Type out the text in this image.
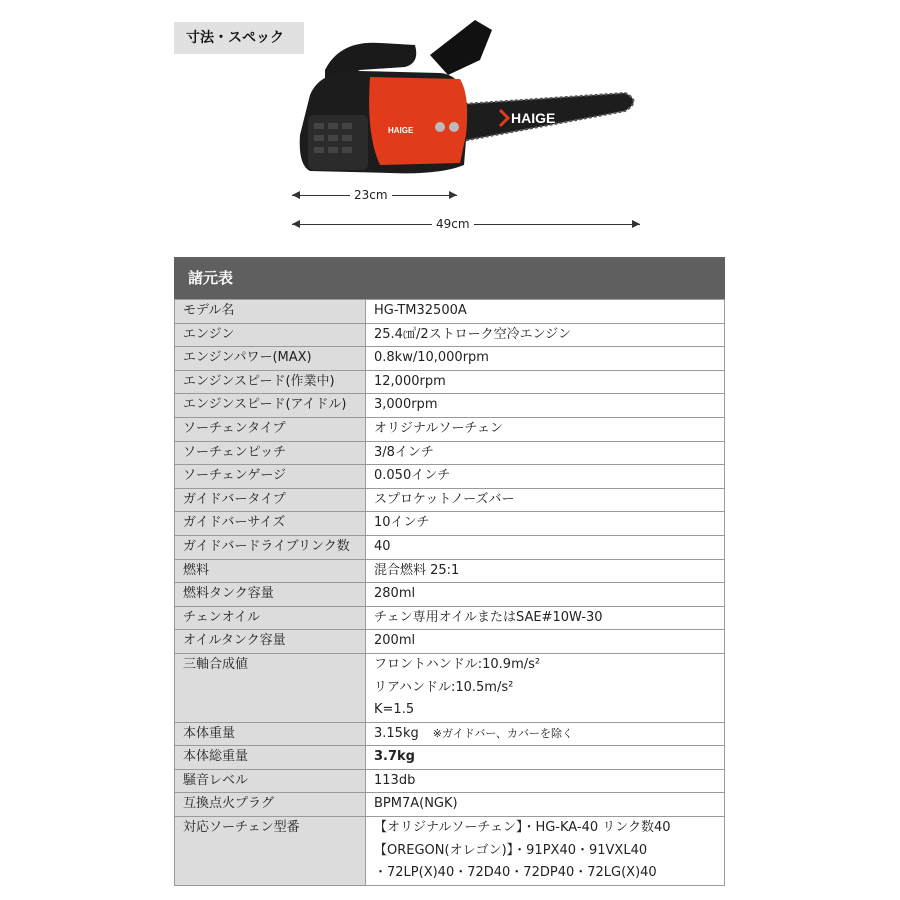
寸法・スペック
HAIGE
HAIGE
23cm
49cm
諸元表
モデル名	HG-TM32500A

エンジン	25.4㎤/2ストローク空冷エンジン

エンジンパワー(MAX)	0.8kw/10,000rpm

エンジンスピード(作業中)	12,000rpm

エンジンスピード(アイドル)	3,000rpm

ソーチェンタイプ	オリジナルソーチェン

ソーチェンピッチ	3/8インチ

ソーチェンゲージ	0.050インチ

ガイドバータイプ	スプロケットノーズバー

ガイドバーサイズ	10インチ

ガイドバードライブリンク数	40

燃料	混合燃料 25:1

燃料タンク容量	280ml

チェンオイル	チェン専用オイルまたはSAE#10W-30

オイルタンク容量	200ml

三軸合成値	フロントハンドル:10.9m/s²
リアハンドル:10.5m/s²
K=1.5

本体重量	3.15kg ※ガイドバー、カバーを除く
本体総重量	3.7kg

騒音レベル	113db

互換点火プラグ	BPM7A(NGK)

対応ソーチェン型番	【オリジナルソーチェン】・HG-KA-40 リンク数40
【OREGON(オレゴン)】・91PX40・91VXL40
・72LP(X)40・72D40・72DP40・72LG(X)40
